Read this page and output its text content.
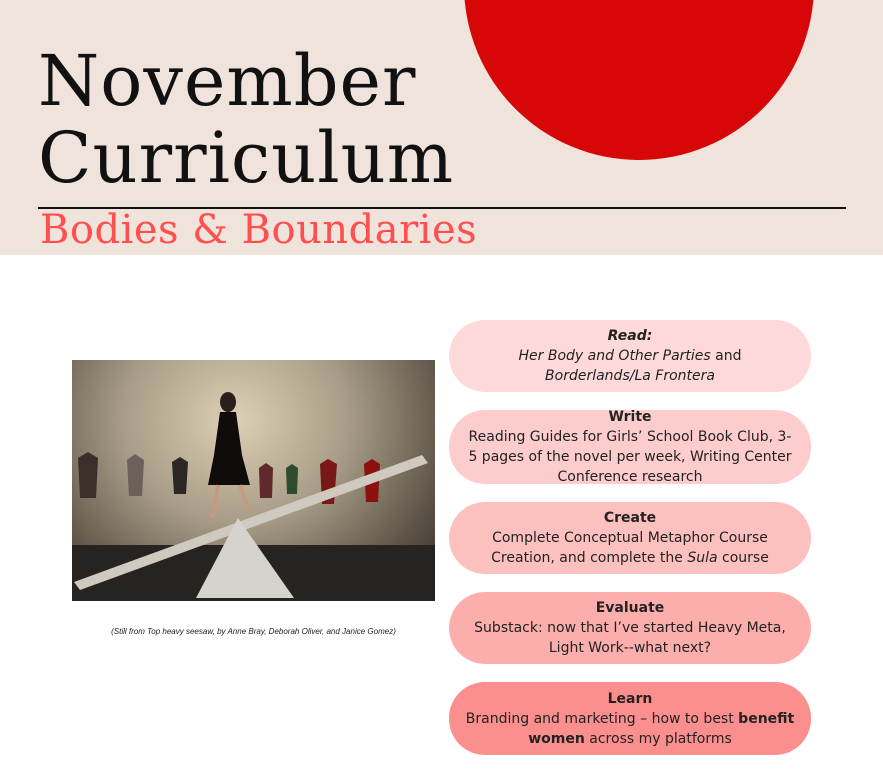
November
Curriculum
Bodies & Boundaries
(Still from Top heavy seesaw, by Anne Bray, Deborah Oliver, and Janice Gomez)
Read:
Her Body and Other Parties and Borderlands/La Frontera
Write
Reading Guides for Girls’ School Book Club, 3-5 pages of the novel per week, Writing Center Conference research
Create
Complete Conceptual Metaphor Course Creation, and complete the Sula course
Evaluate
Substack: now that I’ve started Heavy Meta, Light Work--what next?
Learn
Branding and marketing – how to best benefit women across my platforms
